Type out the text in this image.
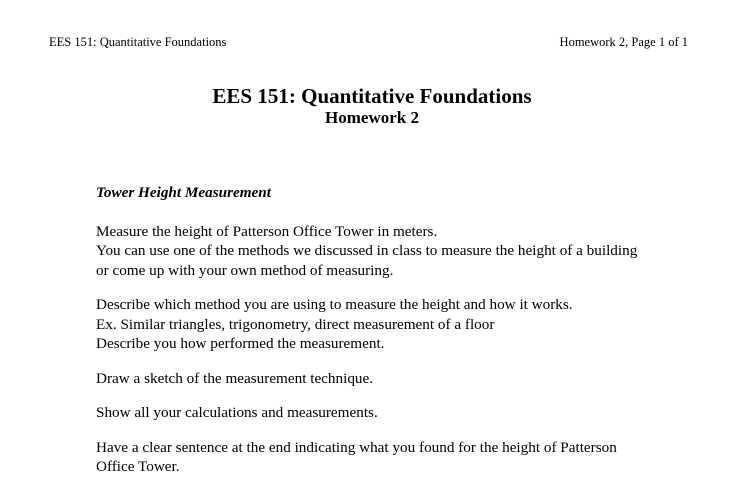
EES 151: Quantitative Foundations	Homework 2, Page 1 of 1

EES 151: Quantitative Foundations

Homework 2

Tower Height Measurement

Measure the height of Patterson Office Tower in meters.
You can use one of the methods we discussed in class to measure the height of a building
or come up with your own method of measuring.

Describe which method you are using to measure the height and how it works.
Ex. Similar triangles, trigonometry, direct measurement of a floor
Describe you how performed the measurement.

Draw a sketch of the measurement technique.

Show all your calculations and measurements.

Have a clear sentence at the end indicating what you found for the height of Patterson
Office Tower.
